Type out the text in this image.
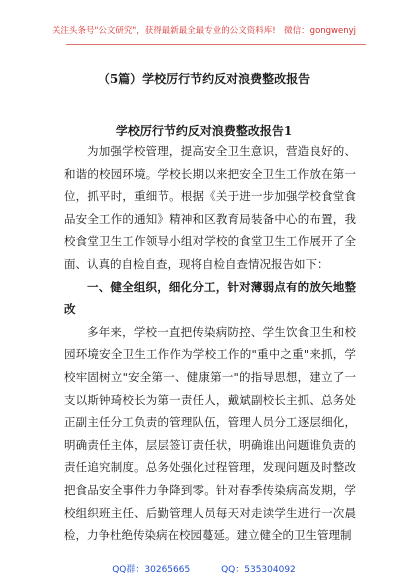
关注头条号"公文研究"，获得最新最全最专业的公文资料库!　微信：gongwenyj
（5篇）学校厉行节约反对浪费整改报告
学校厉行节约反对浪费整改报告1

为加强学校管理，提高安全卫生意识，营造良好的、和谐的校园环境。学校长期以来把安全卫生工作放在第一位，抓平时，重细节。根据《关于进一步加强学校食堂食品安全工作的通知》精神和区教育局装备中心的布置，我校食堂卫生工作领导小组对学校的食堂卫生工作展开了全面、认真的自检自查，现将自检自查情况报告如下：

一、健全组织，细化分工，针对薄弱点有的放矢地整改

多年来，学校一直把传染病防控、学生饮食卫生和校园环境安全卫生工作作为学校工作的"重中之重"来抓，学校牢固树立"安全第一、健康第一"的指导思想，建立了一支以斯钟琦校长为第一责任人，戴斌副校长主抓、总务处正副主任分工负责的管理队伍，管理人员分工逐层细化，明确责任主体，层层签订责任状，明确谁出问题谁负责的责任追究制度。总务处强化过程管理，发现问题及时整改把食品安全事件力争降到零。针对春季传染病高发期，学校组织班主任、后勤管理人员每天对走读学生进行一次晨检，力争杜绝传染病在校园蔓延。建立健全的卫生管理制

QQ群：30265665	QQ：535304092
